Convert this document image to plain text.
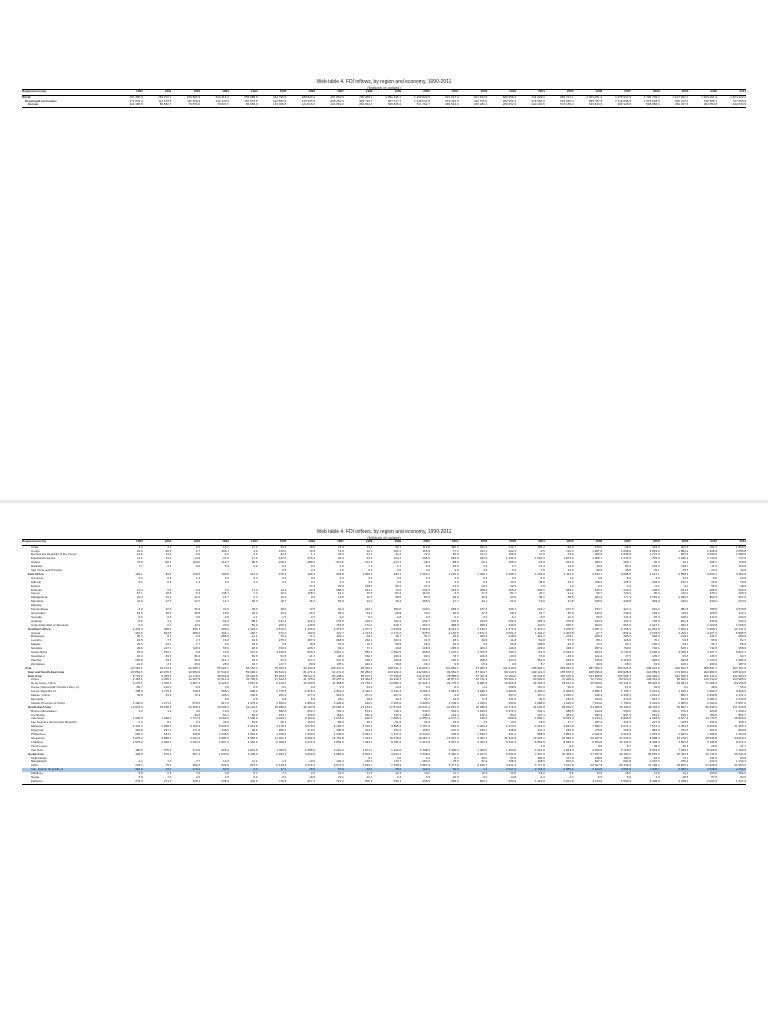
Web table 4. FDI inflows, by region and economy, 1990-2011
(Millions of dollars)
Region/economy	1990	1991	1992	1993	1994	1995	1996	1997	1998	1999	2000	2001	2002	2003	2004	2005	2006	2007	2008	2009	2010	2011
World	207 455.3	154 072.7	165 880.9	222 315.3	255 988.6	342 799.6	388 820.1	487 853.5	706 265.9	1 091 436.7	1 400 540.5	827 617.3	627 974.6	586 956.3	744 329.2	980 727.1	1 463 351.2	1 975 537.5	1 790 705.7	1 197 823.7	1 309 001.3	1 524 422.2
Developed economies	172 515.4	114 079.8	111 065.9	143 440.0	150 576.5	220 862.9	234 525.5	268 351.6	495 726.1	857 017.7	1 138 034.8	591 292.9	440 155.0	362 580.1	418 855.0	619 035.3	985 787.3	1 315 898.9	1 019 648.5	606 212.3	618 585.1	747 859.9
Europe	104 458.8	86 582.7	79 556.6	79 837.5	86 683.9	130 025.8	121 515.0	134 863.2	266 644.6	505 845.2	721 792.7	389 524.0	309 281.4	280 952.3	220 406.5	507 185.4	639 813.5	908 328.8	568 958.4	360 337.6	382 853.8	442 839.5
Web table 4. FDI inflows, by region and economy, 1990-2011
(Millions of dollars)
Region/economy	1990	1991	1992	1993	1994	1995	1996	1997	1998	1999	2000	2001	2002	2003	2004	2005	2006	2007	2008	2009	2010	2011
Chad	9.4	4.2	2.0	15.2	27.1	33.4	18.0	15.3	13.3	26.7	114.8	460.4	924.1	712.7	495.4	-99.3	-279.0	-69.2	233.6	461.8	781.1	1 854.6
Congo	22.6	-35.8	2.7	306.1	3.0	125.0	72.9	79.0	32.6	520.7	165.9	77.2	331.1	322.3	-4.5	724.0	1 487.5	1 808.0	2 083.0	1 862.2	2 208.9	3 055.8
Democratic Republic of the Congo	-14.5	14.2	-3.2	-3.2	1.2	-22.4	1.1	-44.0	61.0	11.2	72.0	80.0	117.0	158.0	10.0	-79.0	256.0	1 808.0	1 727.0	663.6	2 939.3	1 686.9
Equatorial Guinea	11.1	41.2	-14.9	22.0	17.0	127.0	376.2	20.4	24.5	144.7	108.0	945.0	323.4	1 431.0	1 651.0	1 873.0	1 655.7	1 243.3	-793.9	1 636.2	2 733.9	737.0
Gabon	73.5	-52.6	126.0	-112.7	-99.5	-315.0	-488.2	-310.6	-311.8	-217.2	-42.6	-88.9	-16.2	205.2	-29.9	323.8	268.1	269.1	20.2	33.1	498.7	728.0
Rwanda	7.7	4.6	6.0	5.8	0.2	2.2	2.2	2.6	7.1	1.7	8.3	18.5	2.6	4.7	14.4	14.2	30.6	82.3	103.3	118.7	42.3	106.0
Sao Tome and Principe						0.8	0.2	2.0	0.0	3.0	3.8	3.8	3.8	3.4	3.5	15.3	38.0	35.8	79.1	15.5	24.6	32.0
East Africa	120.1	84.5	130.5	198.5	314.0	376.2	426.3	605.8	1 056.6	993.7	1 000.4	1 225.0	1 046.1	1 098.7	1 245.8	1 311.6	2 193.7	3 885.5	4 147.1	3 898.1	3 843.1	4 592.0
Comoros	0.4	2.5	1.4	0.3	0.3	0.9	0.6	0.3	3.4	0.6	0.1	0.3	0.3	0.4	0.9	1.0	0.8	8.2	4.6	13.9	8.5	23.0
Djibouti	0.1	0.3	1.4	1.0	1.3	3.3	3.1	2.3	3.5	4.2	3.3	3.4	3.5	14.2	38.5	22.2	108.3	195.4	228.9	100.0	26.8	78.0
Eritrea							37.0	39.6	148.5	83.2	27.9	12.9	19.9	22.0	-7.9	1.0	-0.3	-0.4	-0.1	0.0	55.6	38.5
Ethiopia	12.0	5.6	0.2	3.5	17.2	14.1	22.0	288.0	261.0	70.0	134.6	349.4	255.0	465.0	545.1	265.1	545.3	222.0	108.5	221.5	288.3	206.0
Kenya	57.1	18.8	6.4	145.7	7.4	42.3	108.7	62.1	26.5	51.9	110.9	5.3	27.6	81.7	46.1	21.2	50.7	729.0	95.6	116.3	178.1	335.3
Madagascar	22.4	13.9	21.0	14.7	6.4	10.3	9.9	13.5	16.6	58.0	83.0	93.0	60.9	94.6	95.1	85.5	294.4	777.3	1 169.0	1 066.0	860.4	907.0
Mauritius	41.0	17.4	14.7	14.7	20.0	18.7	36.7	55.3	12.2	49.4	265.6	-27.7	32.1	62.6	13.9	41.8	105.0	340.8	383.0	248.0	430.0	273.0
Mayotte																						
Mozambique	9.2	22.5	25.3	32.0	35.0	45.0	72.5	64.4	212.7	382.0	139.2	255.4	347.3	336.7	244.7	107.9	153.7	427.4	591.6	892.5	788.9	2 078.8
Seychelles	19.5	18.4	18.5	19.5	29.2	40.3	29.7	54.4	54.9	60.8	23.5	64.9	47.6	58.4	37.7	86.0	146.0	239.0	129.7	118.4	160.5	144.4
Somalia	5.6	0.5	2.6	0.9	1.1	1.0	0.7	0.2	0.1	-0.8	0.3	0.2	0.1	-0.1	-5.0	24.0	96.0	141.0	87.0	108.0	112.0	102.0
Uganda	-5.9	1.0	3.0	54.6	88.2	121.2	121.0	175.0	210.0	140.2	160.7	151.5	184.6	202.2	295.4	379.8	644.3	792.3	728.9	841.6	543.9	792.3
United Republic of Tanzania	0.0	0.0	12.2	20.5	50.0	150.9	148.5	157.8	172.2	516.7	463.4	388.8	308.2	330.6	442.5	935.5	403.0	581.5	1 247.1	952.6	1 022.8	1 095.0
Southern Africa	-1 215.0	458.6	305.7	625.6	1 433.7	1 576.0	1 435.0	4 373.5	1 377.3	2 079.8	1 669.5	8 014.3	2 146.7	1 476.3	1 376.3	7 202.5	1 007.4	6 768.3	12 652.9	7 566.2	3 939.1	10 731.2
Angola	-334.6	664.5	288.0	302.1	169.7	472.4	180.6	411.7	1 114.4	2 471.5	878.6	2 146.5	1 672.1	3 504.7	1 449.2	-1 303.8	-37.7	-893.3	1 678.9	2 205.3	-3 227.2	-5 585.5
Botswana	95.7	-8.3	-1.5	-286.9	-14.2	70.4	71.2	100.1	90.3	36.7	57.2	30.5	403.4	418.0	391.7	279.1	489.2	495.4	528.2	129.0	139.7	586.6
Lesotho	16.6	7.5	2.7	15.0	18.6	275.3	287.5	268.6	262.1	163.3	31.5	28.1	26.6	41.8	52.8	57.3	88.1	118.0	70.1	63.8	55.0	51.7
Malawi	23.3	24.0	-7.7	9.0	25.0	5.6	15.8	15.0	12.1	58.5	26.0	19.3	5.9	65.8	108.0	52.0	72.2	92.4	195.4	49.1	96.7	56.0
Namibia	29.5	117.0	118.3	55.6	98.0	153.0	128.7	84.1	77.1	19.8	118.9	295.0	181.0	149.0	225.0	348.3	387.0	733.0	720.1	515.0	711.5	968.6
South Africa	-75.0	253.7	3.6	10.5	374.3	1 248.0	816.4	3 811.1	550.3	1 502.5	968.8	7 270.1	1 479.6	783.1	701.4	6 522.1	-184.3	5 746.8	9 006.0	5 365.4	1 227.7	5 807.1
Swaziland	30.4	83.6	89.9	64.3	62.5	51.5	21.7	-48.4	152.7	100.4	90.6	78.7	106.6	-60.9	70.6	-45.9	121.0	37.5	105.7	65.6	135.7	92.7
Zambia	202.8	34.3	45.3	314.1	40.0	97.0	117.1	207.0	198.0	162.8	121.7	145.0	298.4	347.0	364.0	356.9	615.8	1 323.9	938.6	694.8	1 729.3	1 982.0
Zimbabwe	-12.2	2.8	15.0	28.0	34.7	117.7	80.9	135.1	444.3	59.0	23.2	3.8	25.9	3.8	8.7	102.8	40.0	68.9	51.6	105.0	166.0	387.0
Asia	22 554.1	24 164.8	22 098.7	51 624.7	66 154.4	79 004.6	93 330.8	105 911.3	95 640.1	108 641.1	142 960.1	111 884.1	97 962.4	111 519.5	155 683.1	209 591.6	287 563.2	353 524.8	398 221.6	320 591.5	395 837.7	423 157.0
East and South-East Asia	20 851.5	22 076.5	20 596.6	47 543.6	59 999.1	69 810.0	81 271.3	91 271.3	86 253.5	104 929.4	142 684.0	99 981.5	87 044.7	96 910.5	129 124.3	155 878.3	168 990.6	209 998.8	216 089.5	173 808.2	293 982.6	335 520.0
East Asia	8 733.2	9 493.6	14 178.2	38 002.9	45 040.6	46 934.0	55 112.4	60 498.2	65 107.2	77 259.8	116 218.6	78 858.6	67 421.8	72 184.6	94 934.8	116 225.6	131 859.8	153 908.7	194 936.2	162 996.1	202 443.2	232 959.3
China	3 487.1	4 366.3	11 007.5	27 514.9	33 766.5	37 520.5	41 725.5	45 257.0	45 462.8	40 318.7	40 714.8	46 877.6	52 742.9	53 504.7	60 630.0	72 406.0	72 715.0	83 521.0	108 312.0	95 000.0	114 734.0	123 985.0
Hong Kong, China	3 275.1	1 020.9	3 887.2	6 929.6	7 827.9	6 213.0	10 460.2	11 368.0	14 765.3	24 580.1	61 924.1	23 775.3	9 681.5	13 623.9	34 032.4	33 617.9	45 060.0	54 341.0	59 620.9	52 394.1	71 069.3	83 155.8
Korea, Democratic People's Rep. of	-60.7	140.0	-6.5	3.8	0.5	0.0	0.0	0.5	31.4	-14.6	3.0	-0.3	-3.3	158.0	197.0	50.0	-10.0	67.0	44.0	2.0	38.0	55.0
Korea, Republic of	788.5	1 179.8	728.3	588.1	809.0	1 775.8	2 325.4	2 844.2	5 412.3	9 333.4	9 283.4	4 084.5	3 398.7	4 383.8	9 496.2	6 308.5	3 586.3	1 783.7	3 311.2	2 249.2	1 093.7	4 660.6
Macao, China	33.8	51.2	72.3	105.0	136.6	200.3	277.6	361.0	271.9	-107.0	-33.2	-2.8	419.2	467.9	407.2	1 045.2	939.3	2 305.1	2 591.2	852.0	2 830.8	2 131.3
Mongolia				8.0	6.9	9.8	5.2	25.1	18.9	30.4	53.7	42.9	77.8	131.5	92.9	184.6	344.0	372.8	844.7	623.6	1 691.4	4 715.0
Taiwan Province of China	1 330.0	1 271.0	879.0	917.0	1 375.0	1 559.0	1 864.0	2 248.0	222.0	2 926.0	4 928.0	4 109.0	1 445.0	453.0	1 898.0	1 625.0	7 424.0	7 769.0	5 432.0	2 805.0	2 492.0	-1 957.0
South-East Asia	12 821.0	15 185.5	16 389.2	19 525.6	23 123.1	28 398.4	30 103.9	34 080.9	21 163.0	27 670.8	23 541.4	19 651.9	16 068.6	24 776.6	34 201.8	39 652.7	51 483.5	76 180.6	48 153.3	46 862.7	90 639.4	117 034.8
Brunei Darussalam	3.3	1.4	4.0	13.6	6.2	582.8	653.7	702.4	573.0	748.1	549.5	526.0	1 035.2	3 375.4	334.4	288.5	433.6	259.9	330.0	370.4	625.8	1 208.3
Cambodia			33.0	54.1	69.0	150.7	293.6	168.1	242.9	230.3	148.5	149.4	145.1	84.0	131.4	381.2	483.2	867.3	815.2	539.1	782.6	891.7
Indonesia	1 093.0	1 482.0	1 777.0	2 004.0	2 108.9	4 346.0	6 194.0	4 678.0	-240.8	-1 865.6	-4 550.4	-2 977.4	145.1	-596.9	1 896.1	8 336.3	4 914.2	6 928.5	9 318.5	4 877.4	13 770.6	18 906.0
Lao People's Democratic Republic	6.0	8.0	9.1	36.0	59.9	95.1	160.0	86.3	45.3	51.6	33.9	23.9	4.5	19.5	16.9	27.7	187.4	323.5	227.8	318.6	332.6	300.7
Malaysia	2 332.5	3 998.5	5 183.4	5 005.6	4 341.8	4 178.2	5 078.4	5 136.5	2 163.4	3 895.3	3 787.6	553.9	3 203.4	2 473.2	4 624.2	3 924.8	7 690.7	9 071.4	7 572.4	1 453.5	9 060.0	11 966.1
Myanmar	162.8	237.4	171.0	148.9	90.6	280.1	313.3	386.9	314.5	253.2	258.3	210.3	152.1	248.8	211.4	235.8	275.8	709.9	863.9	972.5	450.2	850.0
Philippines	530.0	544.0	228.0	1 238.0	1 591.0	1 459.0	1 520.0	1 249.0	2 287.0	1 247.0	2 240.0	195.0	1 542.0	491.0	688.0	1 854.0	2 921.0	2 916.0	1 544.0	1 963.0	1 298.0	1 262.0
Singapore	5 575.2	4 886.9	2 204.3	4 686.3	8 550.2	11 942.9	9 682.2	13 752.8	7 314.0	16 578.4	16 484.4	15 087.2	6 401.7	11 940.9	21 032.1	15 460.3	29 347.6	37 033.0	8 588.4	15 279.0	48 636.8	64 003.4
Thailand	2 575.0	2 049.0	2 151.0	1 807.0	1 366.0	2 068.0	2 271.0	3 882.0	7 491.0	6 091.0	3 410.0	5 067.0	3 341.6	5 232.3	5 859.9	8 055.4	9 454.8	11 324.5	8 448.3	4 853.8	9 146.8	9 571.6
Timor-Leste															2.9	0.9	8.5	8.7	39.7	49.9	29.5	47.1
Viet Nam	180.0	375.2	474.0	926.3	1 944.5	1 780.4	2 395.0	2 220.0	1 671.0	1 412.0	1 298.0	1 300.0	1 400.0	1 450.0	1 610.0	1 954.0	2 400.0	6 700.0	9 579.0	7 600.0	8 000.0	7 430.0
South Asia	493.0	519.9	661.4	1 030.6	1 193.9	2 931.5	3 539.0	4 899.9	3 504.0	3 034.1	4 339.9	6 492.3	6 917.0	5 452.6	7 537.0	10 409.4	27 467.8	34 493.6	56 645.3	42 403.6	31 744.5	38 941.0
Afghanistan									0.0	0.0	0.2	0.7	50.0	57.8	186.9	271.0	238.0	189.0	94.0	76.0	211.0	83.0
Bangladesh	3.2	1.4	3.7	14.0	11.1	1.9	13.5	139.4	190.1	179.7	280.4	78.5	52.3	268.3	448.9	813.3	697.2	652.8	1 010.5	700.2	913.3	1 136.4
India	236.7	75.0	252.0	532.0	973.3	2 143.6	2 426.1	3 577.3	2 634.7	2 168.6	3 587.9	5 477.6	5 629.7	4 321.1	5 777.8	7 621.8	20 327.8	25 349.9	47 138.7	35 657.3	21 125.0	31 554.0
Iran, Islamic Republic of	-362.0	23.0	-170.0	-50.0	2.0	17.0	26.0	53.0	24.0	35.0	194.0	50.0	1.2	2 317.4	2 704.3	2 889.0	2 314.8	2 004.8	1 908.7	2 982.9	3 648.8	4 150.0
Maldives	5.6	6.5	7.0	6.8	8.7	7.2	9.3	11.4	11.5	12.3	13.0	11.7	12.4	13.5	15.0	9.5	13.5	15.0	12.8	10.2	200.0	256.0
Nepal	5.9	1.6	2.0	0.0	0.0	0.0	19.2	23.1	12.0	4.4	-0.5	20.9	-6.0	14.8	-0.4	2.4	-6.6	5.9	1.0	38.6	87.8	94.0
Pakistan	278.3	271.3	335.1	346.6	419.5	719.6	917.7	713.2	506.4	532.1	308.0	383.3	823.1	534.0	1 118.0	2 201.0	4 273.0	5 590.0	5 438.0	2 338.0	2 022.0	1 327.0
